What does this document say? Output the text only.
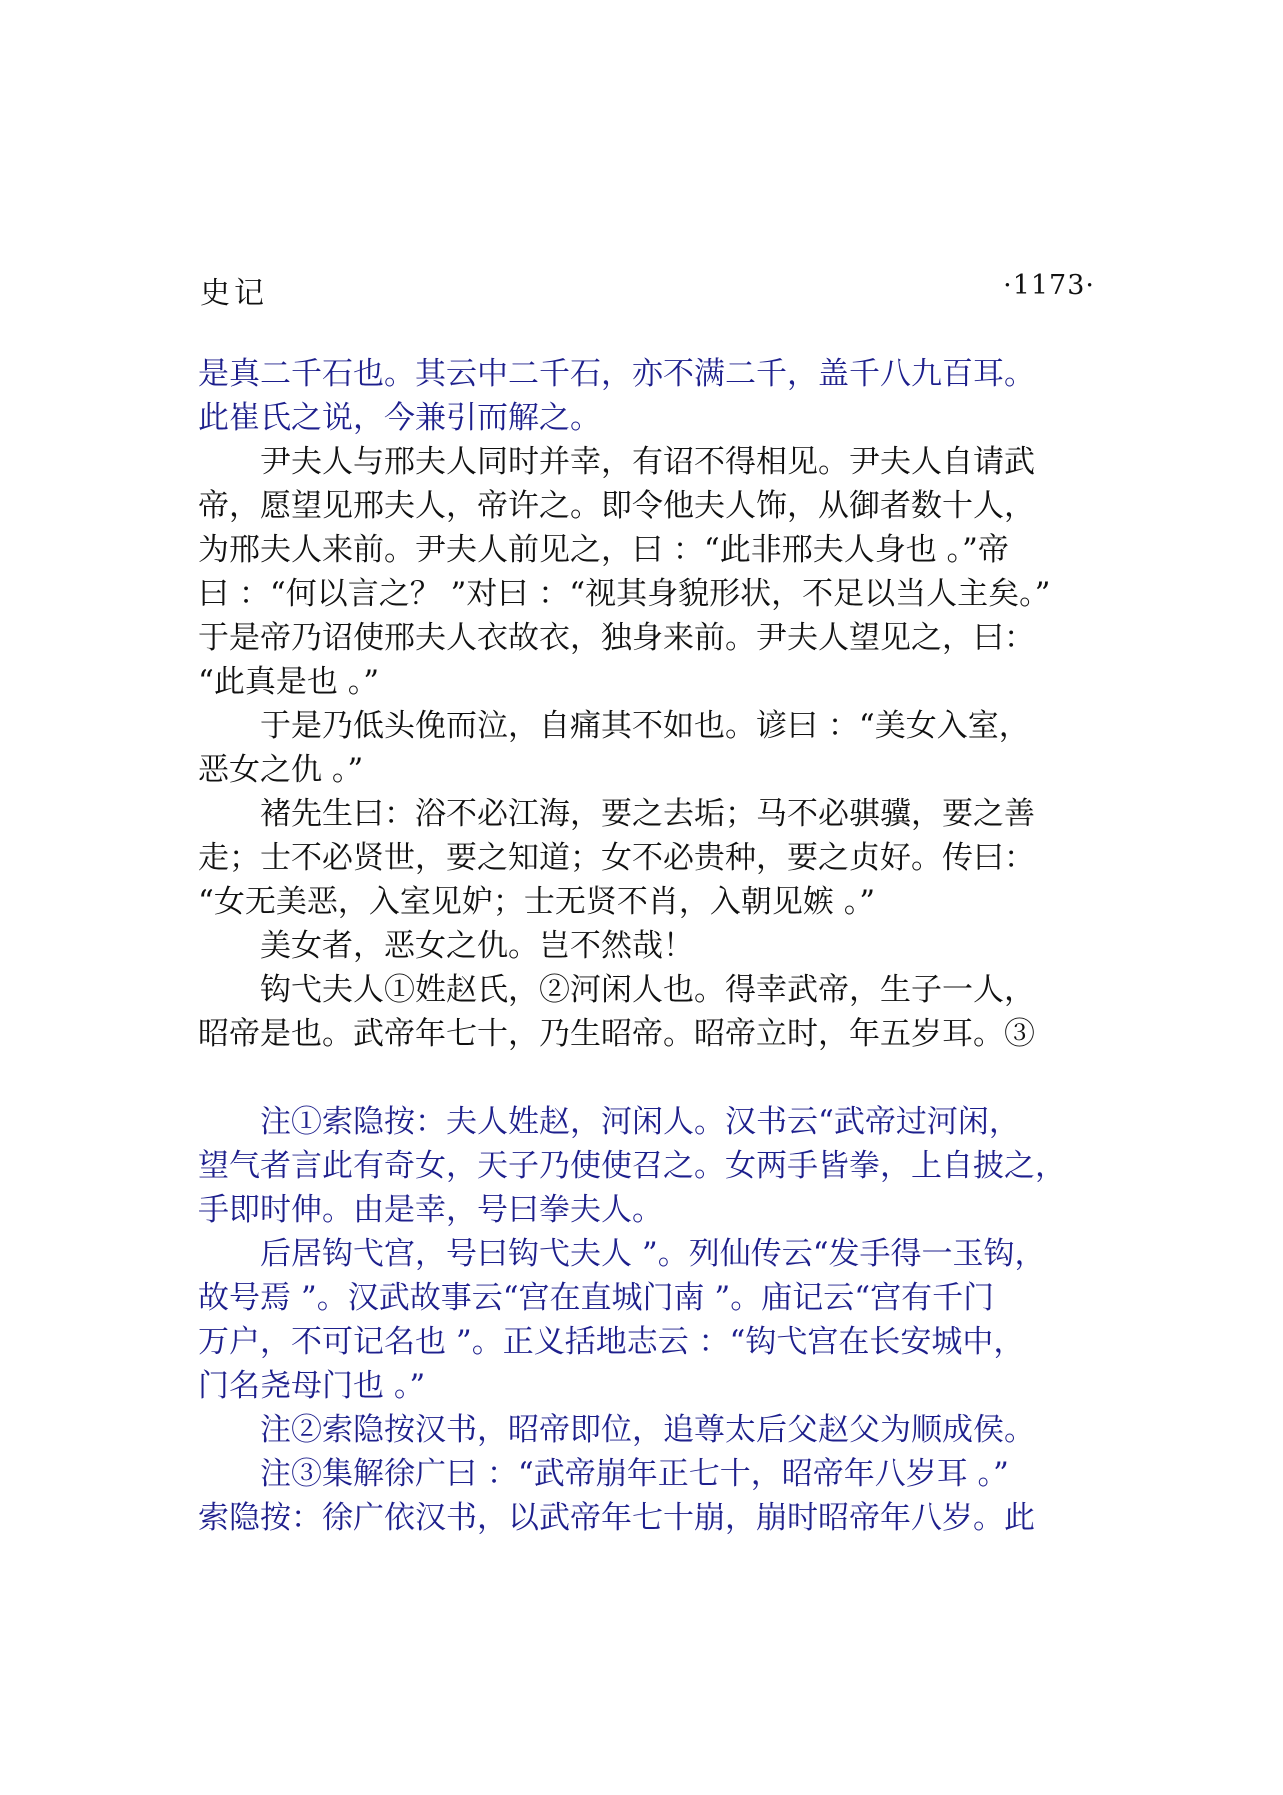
史记	·1173·
是真二千石也。其云中二千石，亦不满二千，盖千八九百耳。
此崔氏之说，今兼引而解之。
尹夫人与邢夫人同时并幸，有诏不得相见。尹夫人自请武
帝，愿望见邢夫人，帝许之。即令他夫人饰，从御者数十人，
为邢夫人来前。尹夫人前见之，曰 ：“此非邢夫人身也 。”帝
曰 ：“何以言之？ ”对曰 ：“视其身貌形状，不足以当人主矣。”
于是帝乃诏使邢夫人衣故衣，独身来前。尹夫人望见之，曰：
“此真是也 。”
于是乃低头俛而泣，自痛其不如也。谚曰 ：“美女入室，
恶女之仇 。”
褚先生曰：浴不必江海，要之去垢；马不必骐骥，要之善
走；士不必贤世，要之知道；女不必贵种，要之贞好。传曰：
“女无美恶，入室见妒；士无贤不肖，入朝见嫉 。”
美女者，恶女之仇。岂不然哉！
钩弋夫人①姓赵氏，②河闲人也。得幸武帝，生子一人，
昭帝是也。武帝年七十，乃生昭帝。昭帝立时，年五岁耳。③
注①索隐按：夫人姓赵，河闲人。汉书云“武帝过河闲，
望气者言此有奇女，天子乃使使召之。女两手皆拳，上自披之，
手即时伸。由是幸，号曰拳夫人。
后居钩弋宫，号曰钩弋夫人 ”。列仙传云“发手得一玉钩，
故号焉 ”。汉武故事云“宫在直城门南 ”。庙记云“宫有千门
万户，不可记名也 ”。正义括地志云 ：“钩弋宫在长安城中，
门名尧母门也 。”
注②索隐按汉书，昭帝即位，追尊太后父赵父为顺成侯。
注③集解徐广曰 ：“武帝崩年正七十，昭帝年八岁耳 。”
索隐按：徐广依汉书，以武帝年七十崩，崩时昭帝年八岁。此
